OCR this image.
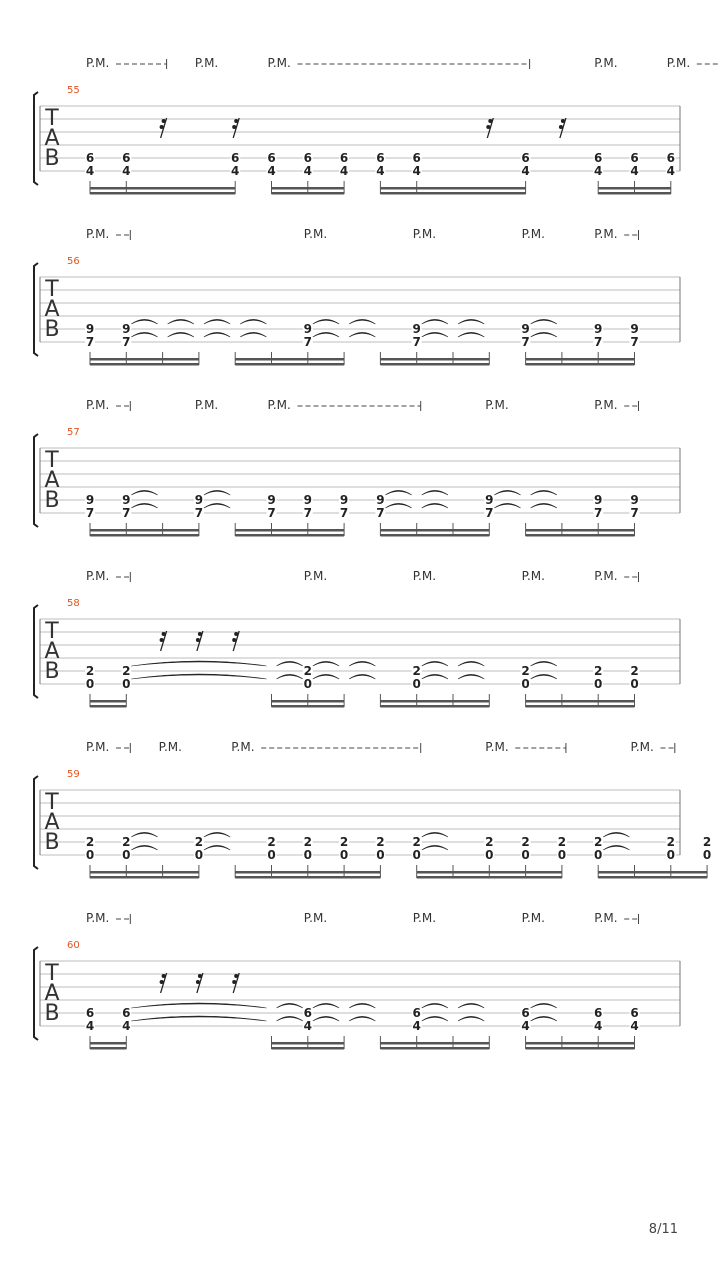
T
A
B
55
P.M.	P.M.	P.M.	P.M.	P.M.
6
4
6
4
6
4
6
4
6
4
6
4
6
4
6
4
6
4
6
4
6
4
6
4
T
A
B
56
P.M.	P.M.	P.M.	P.M.	P.M.
9
7
9
7
9
7
9
7
9
7
9
7
9
7
T
A
B
57
P.M.	P.M.	P.M.	P.M.	P.M.
9
7
9
7
9
7
9
7
9
7
9
7
9
7
9
7
9
7
9
7
T
A
B
58
P.M.	P.M.	P.M.	P.M.	P.M.
2
0
2
0
2
0
2
0
2
0
2
0
2
0
T
A
B
59
P.M.	P.M.	P.M.	P.M.	P.M.
2
0
2
0
2
0
2
0
2
0
2
0
2
0
2
0
2
0
2
0
2
0
2
0
2
0
2
0
T
A
B
60
P.M.	P.M.	P.M.	P.M.	P.M.
6
4
6
4
6
4
6
4
6
4
6
4
6
4
8/11
